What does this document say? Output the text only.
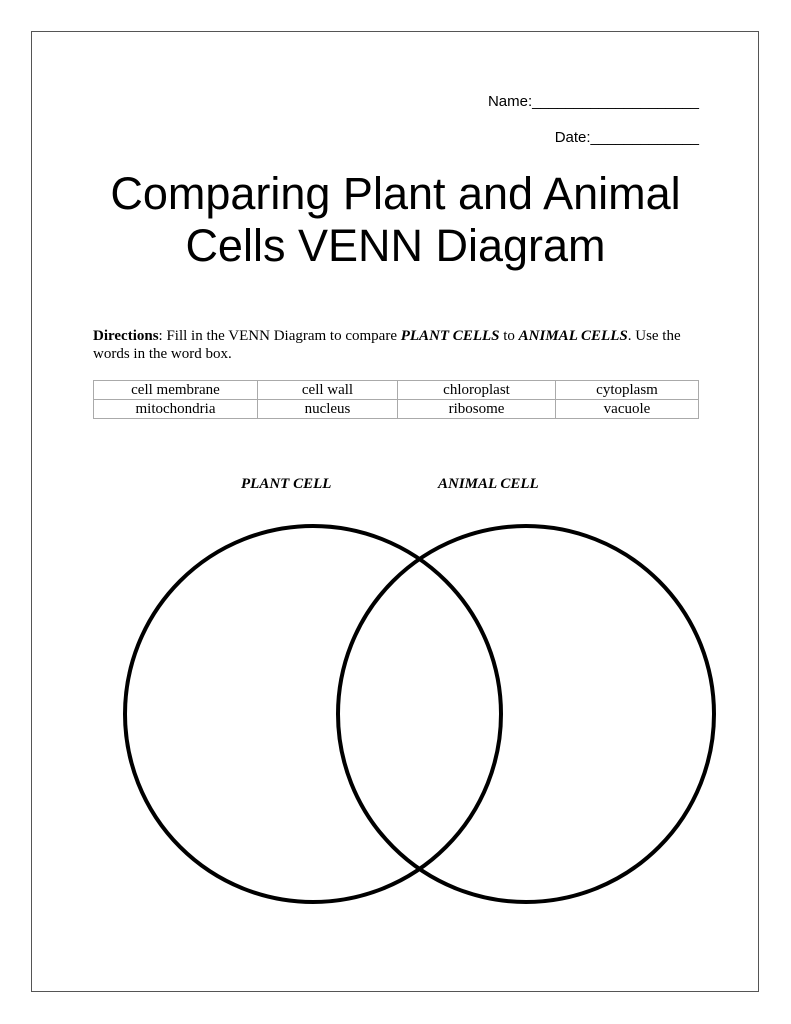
Name:____________________
Date:_____________
Comparing Plant and Animal
Cells VENN Diagram
Directions: Fill in the VENN Diagram to compare PLANT CELLS to ANIMAL CELLS. Use the words in the word box.
cell membrane	cell wall	chloroplast	cytoplasm
mitochondria	nucleus	ribosome	vacuole
PLANT CELL	ANIMAL CELL
